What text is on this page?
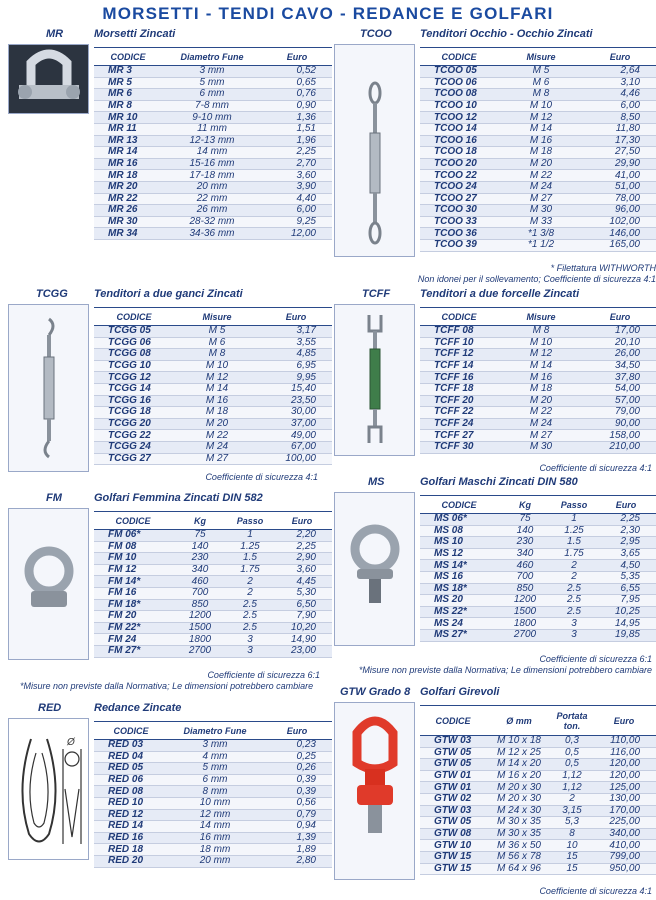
MORSETTI - TENDI CAVO - REDANCE E GOLFARI
MR	Morsetti Zincati
CODICE	Diametro Fune	Euro
MR 3	3 mm	0,52
MR 5	5 mm	0,65
MR 6	6 mm	0,76
MR 8	7-8 mm	0,90
MR 10	9-10 mm	1,36
MR 11	11 mm	1,51
MR 13	12-13 mm	1,96
MR 14	14 mm	2,25
MR 16	15-16 mm	2,70
MR 18	17-18 mm	3,60
MR 20	20 mm	3,90
MR 22	22 mm	4,40
MR 26	26 mm	6,00
MR 30	28-32 mm	9,25
MR 34	34-36 mm	12,00
TCOO	Tenditori Occhio - Occhio Zincati
CODICE	Misure	Euro
TCOO 05	M 5	2,64
TCOO 06	M 6	3,10
TCOO 08	M 8	4,46
TCOO 10	M 10	6,00
TCOO 12	M 12	8,50
TCOO 14	M 14	11,80
TCOO 16	M 16	17,30
TCOO 18	M 18	27,50
TCOO 20	M 20	29,90
TCOO 22	M 22	41,00
TCOO 24	M 24	51,00
TCOO 27	M 27	78,00
TCOO 30	M 30	96,00
TCOO 33	M 33	102,00
TCOO 36	*1 3/8	146,00
TCOO 39	*1 1/2	165,00
* Filettatura WITHWORTH
Non idonei per il sollevamento; Coefficiente di sicurezza 4:1
TCGG Tenditori a due ganci Zincati
CODICE	Misure	Euro
TCGG 05	M 5	3,17
TCGG 06	M 6	3,55
TCGG 08	M 8	4,85
TCGG 10	M 10	6,95
TCGG 12	M 12	9,95
TCGG 14	M 14	15,40
TCGG 16	M 16	23,50
TCGG 18	M 18	30,00
TCGG 20	M 20	37,00
TCGG 22	M 22	49,00
TCGG 24	M 24	67,00
TCGG 27	M 27	100,00
Coefficiente di sicurezza 4:1
TCFF	Tenditori a due forcelle Zincati
CODICE	Misure	Euro
TCFF 08	M 8	17,00
TCFF 10	M 10	20,10
TCFF 12	M 12	26,00
TCFF 14	M 14	34,50
TCFF 16	M 16	37,80
TCFF 18	M 18	54,00
TCFF 20	M 20	57,00
TCFF 22	M 22	79,00
TCFF 24	M 24	90,00
TCFF 27	M 27	158,00
TCFF 30	M 30	210,00
Coefficiente di sicurezza 4:1
FM	Golfari Femmina Zincati DIN 582
CODICE	Kg	Passo	Euro
FM 06*	75	1	2,20
FM 08	140	1.25	2,25
FM 10	230	1.5	2,90
FM 12	340	1.75	3,60
FM 14*	460	2	4,45
FM 16	700	2	5,30
FM 18*	850	2.5	6,50
FM 20	1200	2.5	7,90
FM 22*	1500	2.5	10,20
FM 24	1800	3	14,90
FM 27*	2700	3	23,00
Coefficiente di sicurezza 6:1
*Misure non previste dalla Normativa; Le dimensioni potrebbero cambiare
MS	Golfari Maschi Zincati DIN 580
CODICE	Kg	Passo	Euro
MS 06*	75	1	2,25
MS 08	140	1.25	2,30
MS 10	230	1.5	2,95
MS 12	340	1.75	3,65
MS 14*	460	2	4,50
MS 16	700	2	5,35
MS 18*	850	2.5	6,55
MS 20	1200	2.5	7,95
MS 22*	1500	2.5	10,25
MS 24	1800	3	14,95
MS 27*	2700	3	19,85
Coefficiente di sicurezza 6:1
*Misure non previste dalla Normativa; Le dimensioni potrebbero cambiare
RED	Redance Zincate
Ø
CODICE	Diametro Fune	Euro
RED 03	3 mm	0,23
RED 04	4 mm	0,25
RED 05	5 mm	0,26
RED 06	6 mm	0,39
RED 08	8 mm	0,39
RED 10	10 mm	0,56
RED 12	12 mm	0,79
RED 14	14 mm	0,94
RED 16	16 mm	1,39
RED 18	18 mm	1,89
RED 20	20 mm	2,80
GTW Grado 8 Golfari Girevoli
CODICE	Ø mm	Portata ton.	Euro
GTW 03	M 10 x 18	0,3	110,00
GTW 05	M 12 x 25	0,5	116,00
GTW 05	M 14 x 20	0,5	120,00
GTW 01	M 16 x 20	1,12	120,00
GTW 01	M 20 x 30	1,12	125,00
GTW 02	M 20 x 30	2	130,00
GTW 03	M 24 x 30	3,15	170,00
GTW 05	M 30 x 35	5,3	225,00
GTW 08	M 30 x 35	8	340,00
GTW 10	M 36 x 50	10	410,00
GTW 15	M 56 x 78	15	799,00
GTW 15	M 64 x 96	15	950,00
Coefficiente di sicurezza 4:1
